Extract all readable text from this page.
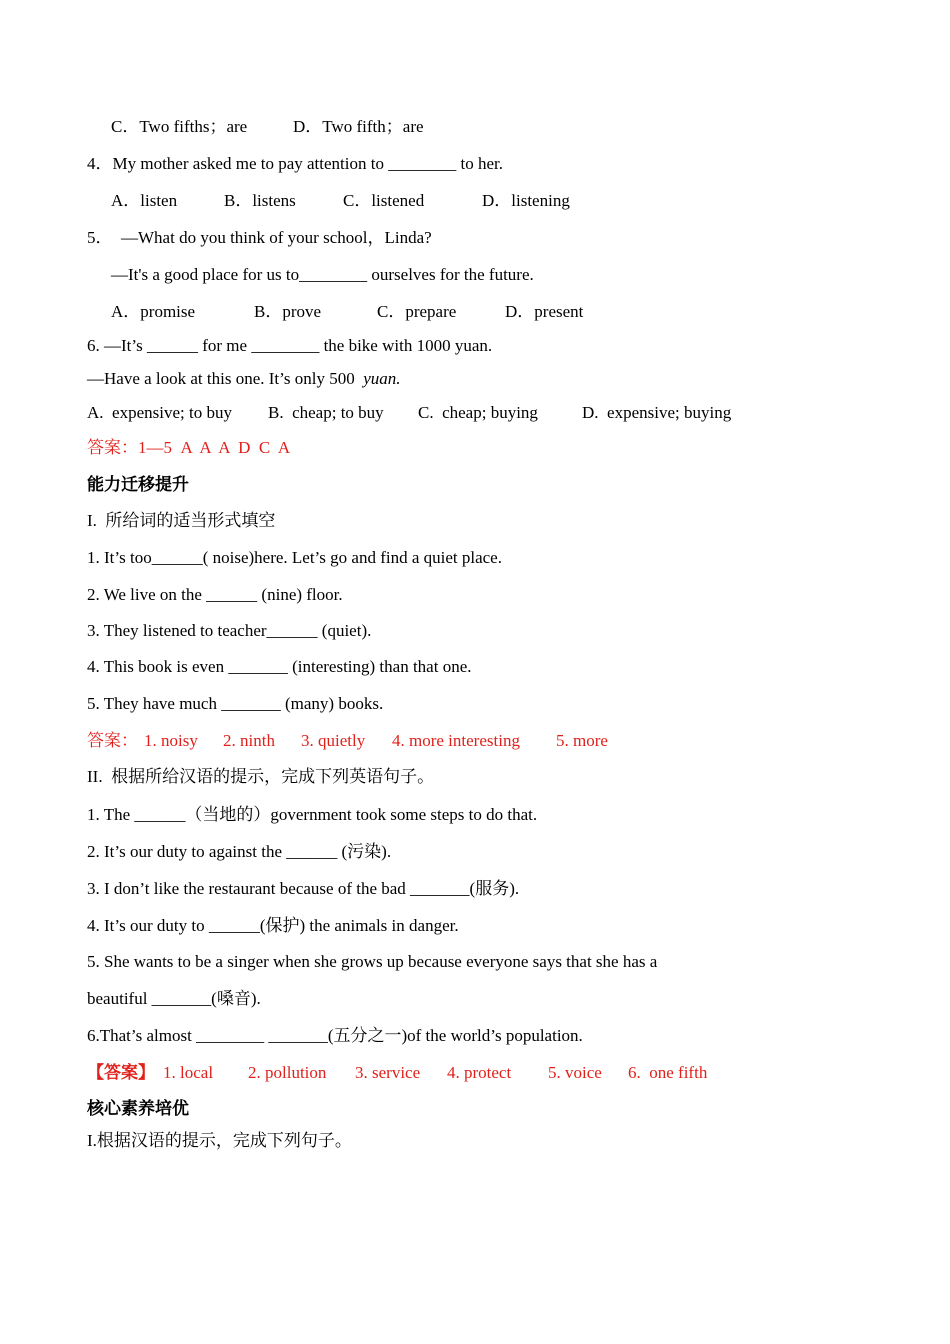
C．Two fifths；are	D．Two fifth；are
4．My mother asked me to pay attention to ________ to her.
A．listen	B．listens	C．listened	D．listening
5．  —What do you think of your school，Linda?
—It's a good place for us to________ ourselves for the future.
A．promise	B．prove	C．prepare	D．present
6. —It’s ______ for me ________ the bike with 1000 yuan.
—Have a look at this one. It’s only 500  yuan.
A.  expensive; to buy B.  cheap; to buy C.  cheap; buying	D.  expensive; buying
答案：1—5  A  A  A  D  C  A
能力迁移提升
I.  所给词的适当形式填空
1. It’s too______( noise)here. Let’s go and find a quiet place.
2. We live on the ______ (nine) floor.
3. They listened to teacher______ (quiet).
4. This book is even _______ (interesting) than that one.
5. They have much _______ (many) books.
答案： 1. noisy 2. ninth 3. quietly 4. more interesting 5. more
II.  根据所给汉语的提示，完成下列英语句子。
1. The ______（当地的）government took some steps to do that.
2. It’s our duty to against the ______ (污染).
3. I don’t like the restaurant because of the bad _______(服务).
4. It’s our duty to ______(保护) the animals in danger.
5. She wants to be a singer when she grows up because everyone says that she has a
beautiful _______(嗓音).
6.That’s almost ________ _______(五分之一)of the world’s population.
【答案】 1. local 2. pollution 3. service 4. protect 5. voice 6.  one fifth
核心素养培优
I.根据汉语的提示，完成下列句子。
